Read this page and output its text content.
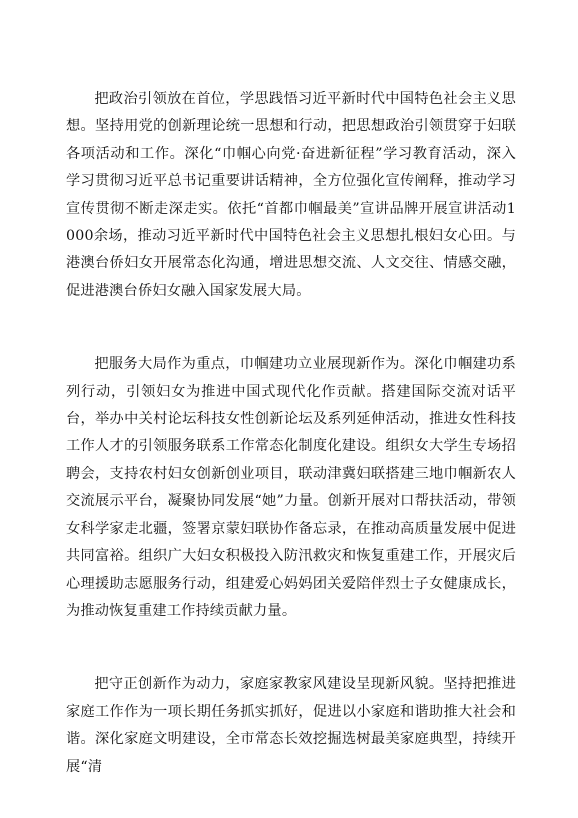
把政治引领放在首位，学思践悟习近平新时代中国特色社会主义思想。坚持用党的创新理论统一思想和行动，把思想政治引领贯穿于妇联各项活动和工作。深化“巾帼心向党·奋进新征程”学习教育活动，深入学习贯彻习近平总书记重要讲话精神，全方位强化宣传阐释，推动学习宣传贯彻不断走深走实。依托“首都巾帼最美”宣讲品牌开展宣讲活动1000余场，推动习近平新时代中国特色社会主义思想扎根妇女心田。与港澳台侨妇女开展常态化沟通，增进思想交流、人文交往、情感交融，促进港澳台侨妇女融入国家发展大局。

把服务大局作为重点，巾帼建功立业展现新作为。深化巾帼建功系列行动，引领妇女为推进中国式现代化作贡献。搭建国际交流对话平台，举办中关村论坛科技女性创新论坛及系列延伸活动，推进女性科技工作人才的引领服务联系工作常态化制度化建设。组织女大学生专场招聘会，支持农村妇女创新创业项目，联动津冀妇联搭建三地巾帼新农人交流展示平台，凝聚协同发展“她”力量。创新开展对口帮扶活动，带领女科学家走北疆，签署京蒙妇联协作备忘录，在推动高质量发展中促进共同富裕。组织广大妇女积极投入防汛救灾和恢复重建工作，开展灾后心理援助志愿服务行动，组建爱心妈妈团关爱陪伴烈士子女健康成长，为推动恢复重建工作持续贡献力量。

把守正创新作为动力，家庭家教家风建设呈现新风貌。坚持把推进家庭工作作为一项长期任务抓实抓好，促进以小家庭和谐助推大社会和谐。深化家庭文明建设，全市常态长效挖掘选树最美家庭典型，持续开展“清
